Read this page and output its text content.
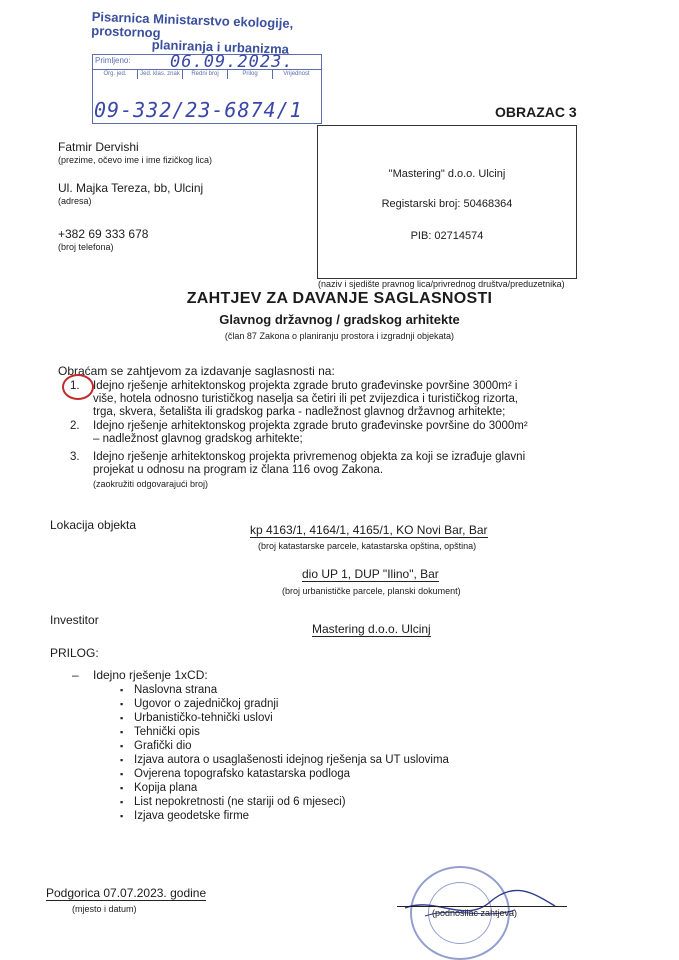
Pisarnica Ministarstvo ekologije, prostornog
planiranja i urbanizma
Primljeno:
Org. jed.	Jed. klas. znak	Redni broj	Prilog	Vrijednost
06.09.2023.
09-332/23-6874/1	OBRAZAC 3
Fatmir Dervishi
(prezime, očevo ime i ime fizičkog lica)
Ul. Majka Tereza, bb, Ulcinj
(adresa)
+382 69 333 678
(broj telefona)
"Mastering" d.o.o. Ulcinj
Registarski broj: 50468364
PIB: 02714574
(naziv i sjedište pravnog lica/privrednog društva/preduzetnika)
ZAHTJEV ZA DAVANJE SAGLASNOSTI
Glavnog državnog / gradskog arhitekte
(član 87 Zakona o planiranju prostora i izgradnji objekata)
Obraćam se zahtjevom za izdavanje saglasnosti na:
1. Idejno rješenje arhitektonskog projekta zgrade bruto građevinske površine 3000m² i
više, hotela odnosno turističkog naselja sa četiri ili pet zvijezdica i turističkog rizorta,
trga, skvera, šetališta ili gradskog parka - nadležnost glavnog državnog arhitekte;
2. Idejno rješenje arhitektonskog projekta zgrade bruto građevinske površine do 3000m²
– nadležnost glavnog gradskog arhitekte;
3. Idejno rješenje arhitektonskog projekta privremenog objekta za koji se izrađuje glavni
projekat u odnosu na program iz člana 116 ovog Zakona.
(zaokružiti odgovarajući broj)
Lokacija objekta	kp 4163/1, 4164/1, 4165/1, KO Novi Bar, Bar
(broj katastarske parcele, katastarska opština, opština)
dio UP 1, DUP "Ilino", Bar
(broj urbanističke parcele, planski dokument)
Investitor
Mastering d.o.o. Ulcinj
PRILOG:
– Idejno rješenje 1xCD:
▪ Naslovna strana
▪ Ugovor o zajedničkoj gradnji
▪ Urbanističko-tehnički uslovi
▪ Tehnički opis
▪ Grafički dio
▪ Izjava autora o usaglašenosti idejnog rješenja sa UT uslovima
▪ Ovjerena topografsko katastarska podloga
▪ Kopija plana
▪ List nepokretnosti (ne stariji od 6 mjeseci)
▪ Izjava geodetske firme
Podgorica 07.07.2023. godine
(mjesto i datum)	(podnosilac zahtjeva)
